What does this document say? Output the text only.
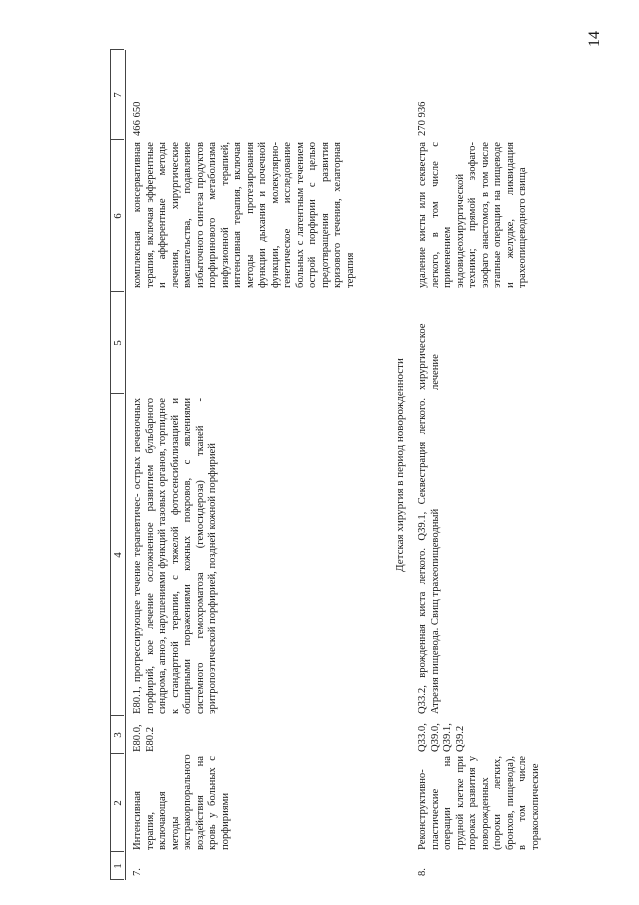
14
1
2
3
4
5
6
7
7.
Интенсивная терапия, включающая методы экстракорпорального воздействия на кровь у больных с порфириями
E80.0, E80.2
E80.1, прогрессирующее течение терапевтичес- острых печеночных порфирий, кое лечение осложненное развитием бульбарного синдрома, апноэ, нарушениями функций тазовых органов, торпидное к стандартной терапии, с тяжелой фотосенсибилизацией и обширными поражениями кожных покровов, с явлениями системного гемохроматоза (гемосидероза) тканей - эритропоэтической порфирией, поздней кожной порфирией
комплексная консервативная терапия, включая эфферентные и афферентные методы лечения, хирургические вмешательства, подавление избыточного синтеза продуктов порфиринового метаболизма инфузионной терапией, интенсивная терапия, включая методы протезирования функции дыхания и почечной функции, молекулярно-генетическое исследование больных с латентным течением острой порфирии с целью предотвращения развития кризового течения, хелаторная терапия
466 650
Детская хирургия в период новорожденности
8.
Реконструктивно-пластические операции на грудной клетке при пороках развития у новорожденных (пороки легких, бронхов, пищевода), в том числе торакоскопические
Q33.0, Q39.0, Q39.1, Q39.2
Q33.2, врожденная киста легкого. Q39.1, Секвестрация легкого. Атрезия пищевода. Свищ трахеопищеводный
хирургическое лечение
удаление кисты или секвестра легкого, в том числе с применением эндовидеохирургической техники; прямой эзофаго-эзофаго анастомоз, в том числе этапные операции на пищеводе и желудке, ликвидация трахеопищеводного свища
270 936
